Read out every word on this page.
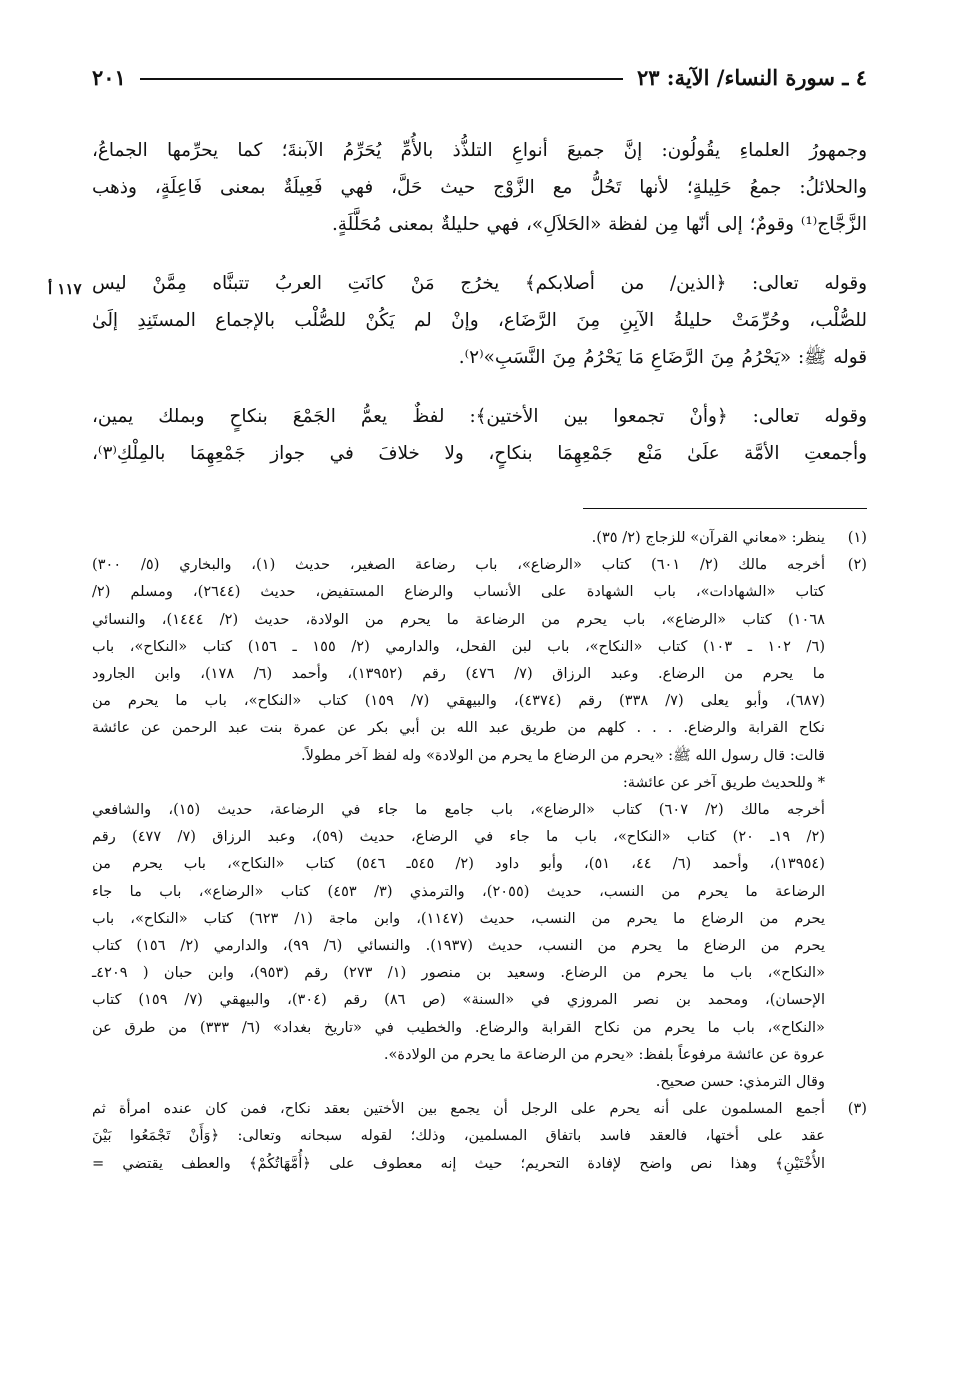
٤ ـ سورة النساء/ الآية: ٢٣
٢٠١
١١٧ أ

وجمهورُ العلماءِ يقُولُون: إنَّ جميعَ أنواعِ التلذُّذ بالأُمِّ يُحَرِّمُ الآبنةَ؛ كما يحرِّمها الجماعُ،
والحلائلُ: جمعُ حَلِيلةٍ؛ لأنها تَحُلُّ مع الزَّوْج حيث حَلَّ، فهي فَعِيلَةٌ بمعنى فَاعِلَةٍ، وذهب
الزَّجَّاج⁽¹⁾ وقومٌ؛ إلى أنّها مِن لفظة «الحَلاَلِ»، فهي حليلةٌ بمعنى مُحَلَّلَةٍ.

وقوله تعالى: ﴿الذين/ من أصلابكم﴾ يخرُج مَنْ كانَتِ العربُ تتبنَّاه مِمَّنْ ليس
للصُّلْب، وحُرِّمَتْ حليلةُ الآبِنِ مِنَ الرَّضَاع، وإنْ لم يَكُنْ للصُّلْب بالإجماع المستَنِدِ إلَىٰ
قوله ﷺ: «يَحْرُمُ مِنَ الرَّضَاعِ مَا يَحْرُمُ مِنَ النَّسَبِ»⁽٢⁾.

وقوله تعالى: ﴿وأنْ تجمعوا بين الأختين﴾: لفظٌ يعمُّ الجَمْعَ بنكاحٍ وبملك يمين،
وأجمعتِ الأمَّة علَىٰ مَنْع جَمْعِهِمَا بنكاحٍ، ولا خلافَ في جواز جَمْعِهِمَا بالمِلْكِ⁽٣⁾،

(١)
ينظر: «معاني القرآن» للزجاج (٢/ ٣٥).
(٢)
أخرجه مالك (٢/ ٦٠١) كتاب «الرضاع»، باب رضاعة الصغير، حديث (١)، والبخاري (٥/ ٣٠٠)
كتاب «الشهادات»، باب الشهادة على الأنساب والرضاع المستفيض، حديث (٢٦٤٤)، ومسلم (٢/
١٠٦٨) كتاب «الرضاع»، باب يحرم من الرضاعة ما يحرم من الولادة، حديث (٢/ ١٤٤٤)، والنسائي
(٦/ ١٠٢ ـ ١٠٣) كتاب «النكاح»، باب لبن الفحل، والدارمي (٢/ ١٥٥ ـ ١٥٦) كتاب «النكاح»، باب
ما يحرم من الرضاع. وعبد الرزاق (٧/ ٤٧٦) رقم (١٣٩٥٢)، وأحمد (٦/ ١٧٨)، وابن الجارود
(٦٨٧)، وأبو يعلى (٧/ ٣٣٨) رقم (٤٣٧٤)، والبيهقي (٧/ ١٥٩) كتاب «النكاح»، باب ما يحرم من
نكاح القرابة والرضاع. . . . كلهم من طريق عبد الله بن أبي بكر عن عمرة بنت عبد الرحمن عن عائشة
قالت: قال رسول الله ﷺ: «يحرم من الرضاع ما يحرم من الولادة» وله لفظ آخر مطولاً.
* وللحديث طريق آخر عن عائشة:
أخرجه مالك (٢/ ٦٠٧) كتاب «الرضاع»، باب جامع ما جاء في الرضاعة، حديث (١٥)، والشافعي
(٢/ ١٩ـ ٢٠) كتاب «النكاح»، باب ما جاء في الرضاع، حديث (٥٩)، وعبد الرزاق (٧/ ٤٧٧) رقم
(١٣٩٥٤)، وأحمد (٦/ ٤٤، ٥١)، وأبو داود (٢/ ٥٤٥ـ ٥٤٦) كتاب «النكاح»، باب يحرم من
الرضاعة ما يحرم من النسب، حديث (٢٠٥٥)، والترمذي (٣/ ٤٥٣) كتاب «الرضاع»، باب ما جاء
يحرم من الرضاع ما يحرم من النسب، حديث (١١٤٧)، وابن ماجة (١/ ٦٢٣) كتاب «النكاح»، باب
يحرم من الرضاع ما يحرم من النسب، حديث (١٩٣٧). والنسائي (٦/ ٩٩)، والدارمي (٢/ ١٥٦) كتاب
«النكاح»، باب ما يحرم من الرضاع. وسعيد بن منصور (١/ ٢٧٣) رقم (٩٥٣)، وابن حبان ( ٤٢٠٩ـ
الإحسان)، ومحمد بن نصر المروزي في «السنة» (ص ٨٦) رقم (٣٠٤)، والبيهقي (٧/ ١٥٩) كتاب
«النكاح»، باب ما يحرم من نكاح القرابة والرضاع. والخطيب في «تاريخ بغداد» (٦/ ٣٣٣) من طرق عن
عروة عن عائشة مرفوعاً بلفظ: «يحرم من الرضاعة ما يحرم من الولادة».
وقال الترمذي: حسن صحيح.
(٣)
أجمع المسلمون على أنه يحرم على الرجل أن يجمع بين الأختين بعقد نكاح، فمن كان عنده امرأة ثم
عقد على أختها، فالعقد فاسد باتفاق المسلمين، وذلك؛ لقوله سبحانه وتعالى: ﴿وَأَنْ تَجْمَعُوا بَيْنَ
الأُخْتَيْنِ﴾ وهذا نص واضح لإفادة التحريم؛ حيث إنه معطوف على ﴿أُمَّهَاتُكُمْ﴾ والعطف يقتضي =
